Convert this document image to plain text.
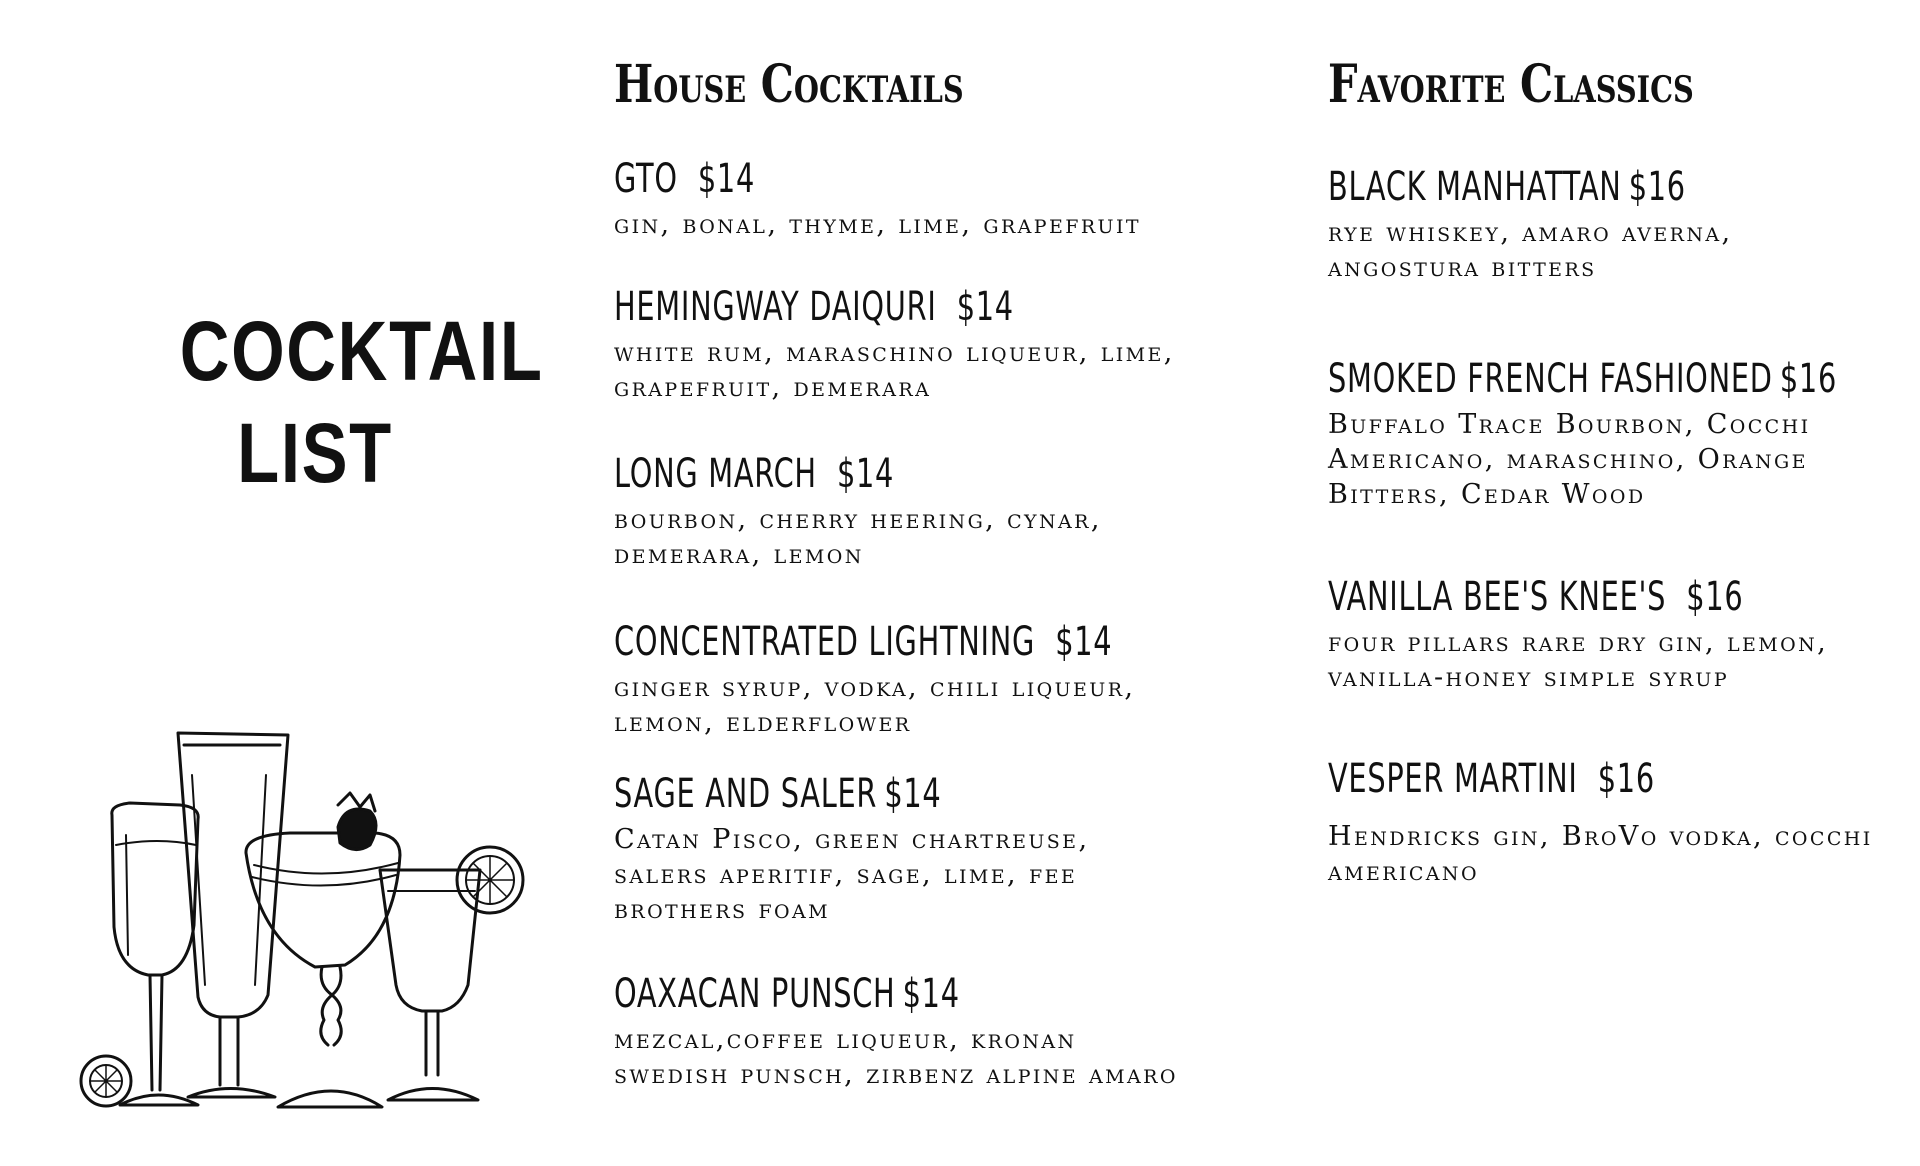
COCKTAIL
LIST
House Cocktails
GTO $14
gin, bonal, thyme, lime, grapefruit
HEMINGWAY DAIQURI $14
white rum, maraschino liqueur, lime, grapefruit, demerara
LONG MARCH $14
bourbon, cherry heering, cynar, demerara, lemon
CONCENTRATED LIGHTNING $14
ginger syrup, vodka, chili liqueur, lemon, elderflower
SAGE AND SALER $14
Catan Pisco, green chartreuse, salers aperitif, sage, lime, fee brothers foam
OAXACAN PUNSCH $14
mezcal,coffee liqueur, kronan swedish punsch, zirbenz alpine amaro
Favorite Classics
BLACK MANHATTAN $16
rye whiskey, amaro averna, angostura bitters
SMOKED FRENCH FASHIONED $16
Buffalo Trace Bourbon, Cocchi Americano, maraschino, Orange Bitters, Cedar Wood
VANILLA BEE'S KNEE'S $16
four pillars rare dry gin, lemon, vanilla-honey simple syrup
VESPER MARTINI $16
Hendricks gin, BroVo vodka, cocchi americano
